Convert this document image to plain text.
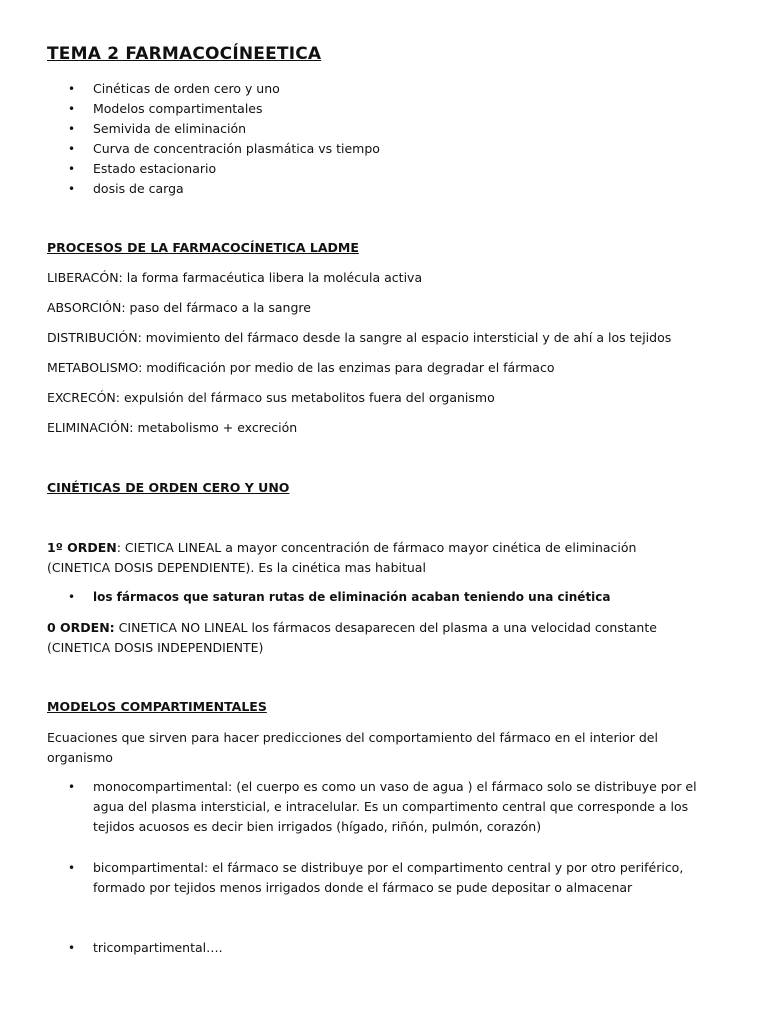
TEMA 2 FARMACOCÍNEETICA
• Cinéticas de orden cero y uno
• Modelos compartimentales
• Semivida de eliminación
• Curva de concentración plasmática vs tiempo
• Estado estacionario
• dosis de carga
PROCESOS DE LA FARMACOCÍNETICA LADME
LIBERACÓN: la forma farmacéutica libera la molécula activa
ABSORCIÓN: paso del fármaco a la sangre
DISTRIBUCIÓN: movimiento del fármaco desde la sangre al espacio intersticial y de ahí a los tejidos
METABOLISMO: modificación por medio de las enzimas para degradar el fármaco
EXCRECÓN: expulsión del fármaco sus metabolitos fuera del organismo
ELIMINACIÓN: metabolismo + excreción
CINÉTICAS DE ORDEN CERO Y UNO
1º ORDEN: CIETICA LINEAL a mayor concentración de fármaco mayor cinética de eliminación
(CINETICA DOSIS DEPENDIENTE). Es la cinética mas habitual
• los fármacos que saturan rutas de eliminación acaban teniendo una cinética
0 ORDEN: CINETICA NO LINEAL los fármacos desaparecen del plasma a una velocidad constante
(CINETICA DOSIS INDEPENDIENTE)
MODELOS COMPARTIMENTALES
Ecuaciones que sirven para hacer predicciones del comportamiento del fármaco en el interior del
organismo
• monocompartimental: (el cuerpo es como un vaso de agua ) el fármaco solo se distribuye por el
agua del plasma intersticial, e intracelular. Es un compartimento central que corresponde a los
tejidos acuosos es decir bien irrigados (hígado, riñón, pulmón, corazón)
• bicompartimental: el fármaco se distribuye por el compartimento central y por otro periférico,
formado por tejidos menos irrigados donde el fármaco se pude depositar o almacenar
• tricompartimental….
